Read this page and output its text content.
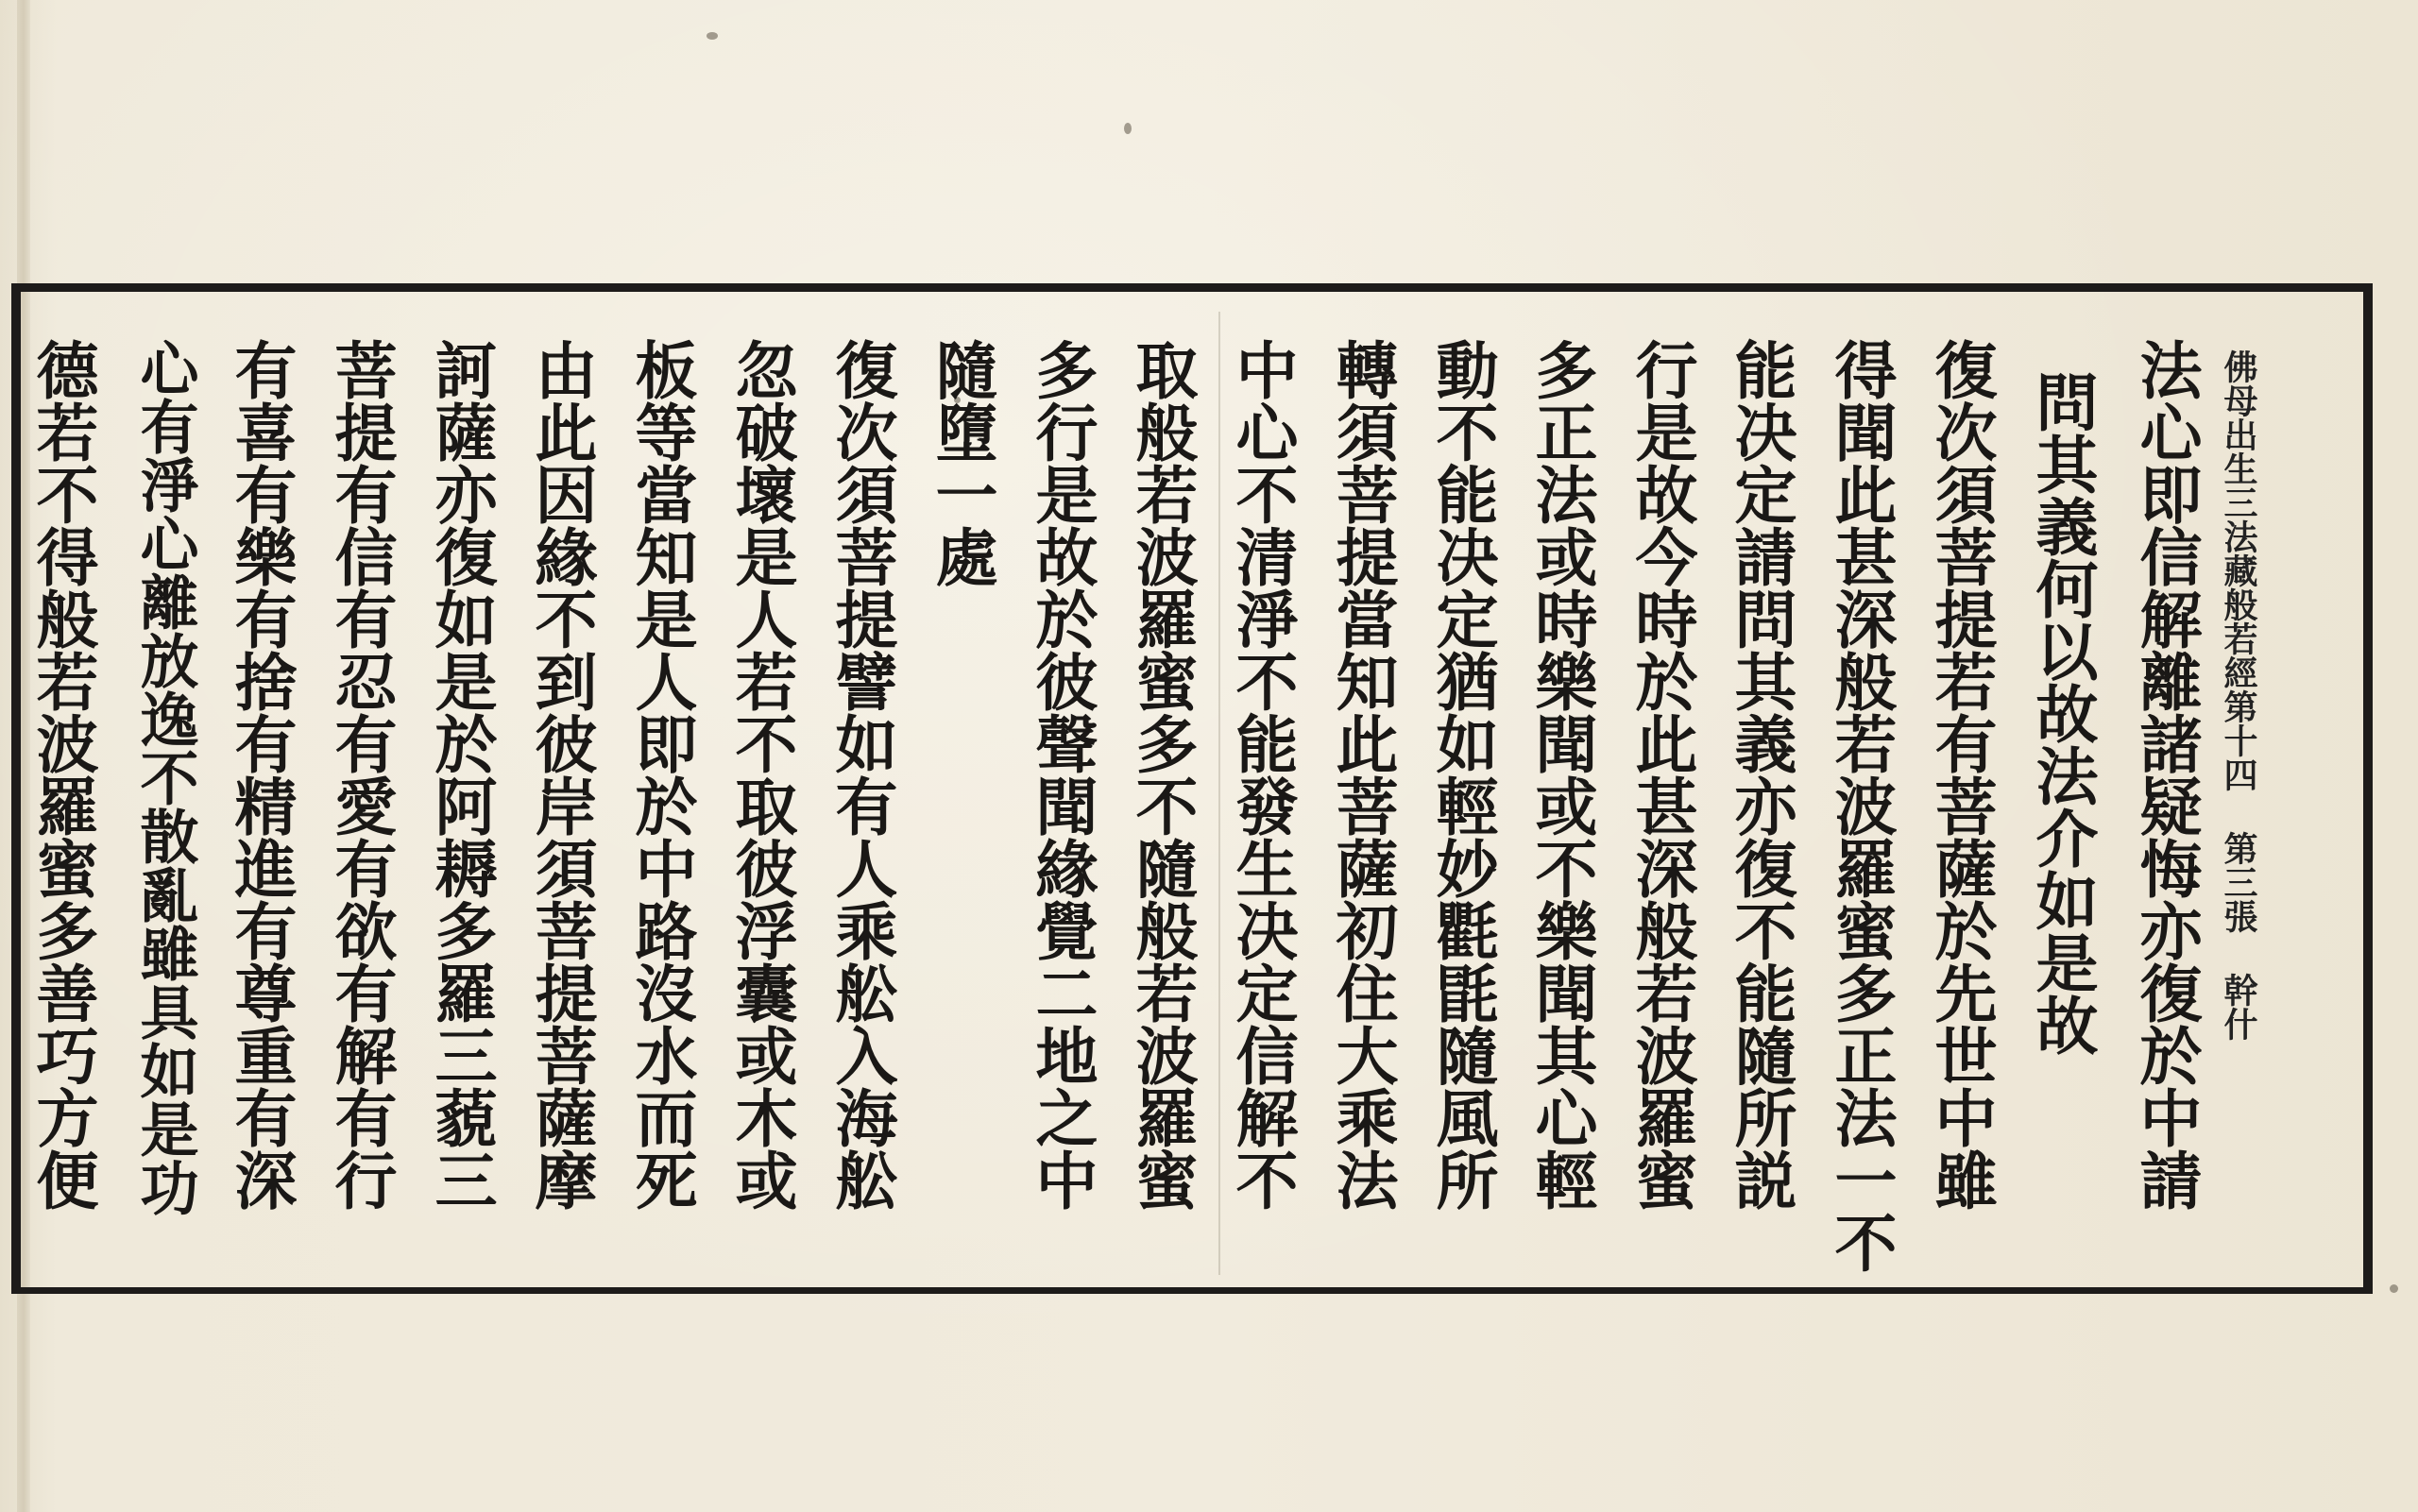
佛母出生三法藏般若經第十四 第三張 幹什
法心即信解離諸疑悔亦復於中請
問其義何以故法介如是故
復次須菩提若有菩薩於先世中雖
得聞此甚深般若波羅蜜多正法一不
能决定請問其義亦復不能隨所説
行是故今時於此甚深般若波羅蜜
多正法或時樂聞或不樂聞其心輕
動不能决定猶如輕妙氍毷隨風所
轉須菩提當知此菩薩初住大乘法
中心不清淨不能發生决定信解不
取般若波羅蜜多不隨般若波羅蜜
多行是故於彼聲聞緣覺二地之中
隨墮一處
復次須菩提譬如有人乘舩入海舩
忽破壞是人若不取彼浮囊或木或
板等當知是人即於中路沒水而死
由此因緣不到彼岸須菩提菩薩摩
訶薩亦復如是於阿耨多羅三藐三
菩提有信有忍有愛有欲有解有行
有喜有樂有捨有精進有尊重有深
心有淨心離放逸不散亂雖具如是功
德若不得般若波羅蜜多善巧方便
